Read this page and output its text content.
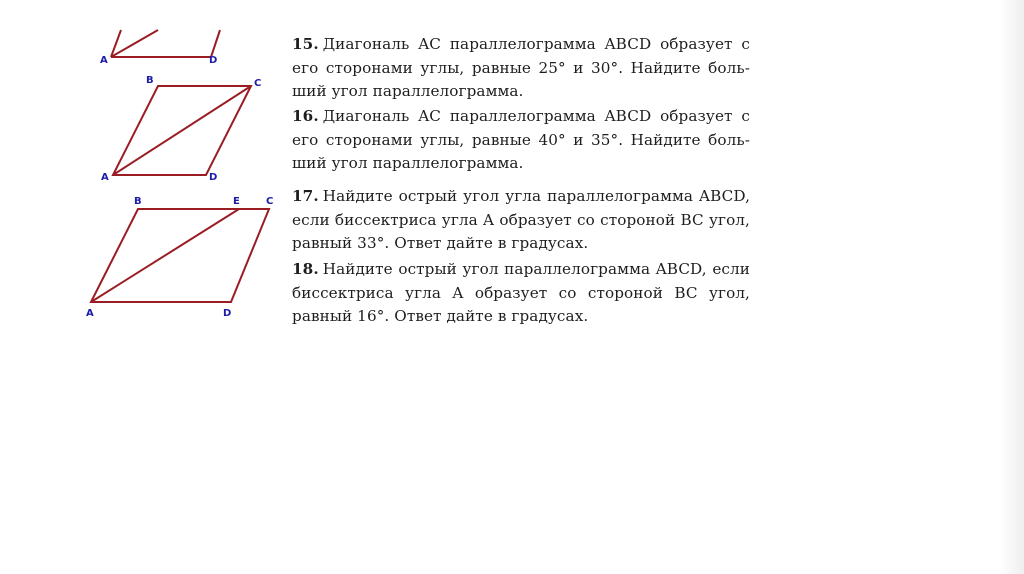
A	D
B	C
A	D
B	E	C
A	D
15. Диагональ AC параллелограмма ABCD образует с его сторонами углы, равные 25° и 30°. Найдите боль-ший угол параллелограмма.
16. Диагональ AC параллелограмма ABCD образует с его сторонами углы, равные 40° и 35°. Найдите боль-ший угол параллелограмма.
17. Найдите острый угол угла параллелограмма ABCD, если биссектриса угла A образует со стороной BC угол, равный 33°. Ответ дайте в градусах.
18. Найдите острый угол параллелограмма ABCD, если биссектриса угла A образует со стороной BC угол, равный 16°. Ответ дайте в градусах.
